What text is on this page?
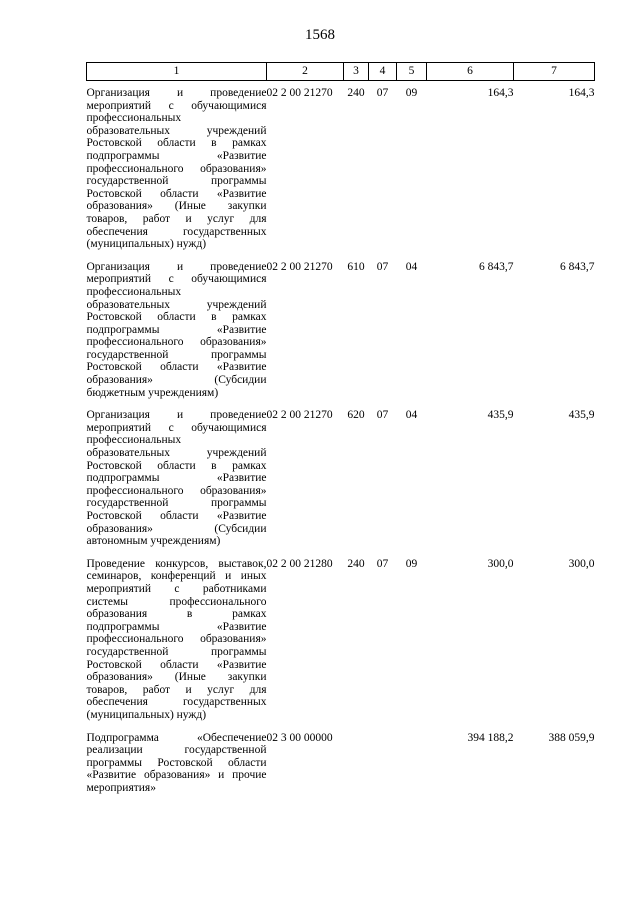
1568
1	2	3	4	5	6	7
Организация и проведение мероприятий с обучающимися профессиональных образовательных учреждений Ростовской области в рамках подпрограммы «Развитие профессионального образования» государственной программы Ростовской области «Развитие образования» (Иные закупки товаров, работ и услуг для обеспечения государственных (муниципальных) нужд)	02 2 00 21270	240	07	09	164,3	164,3
Организация и проведение мероприятий с обучающимися профессиональных образовательных учреждений Ростовской области в рамках подпрограммы «Развитие профессионального образования» государственной программы Ростовской области «Развитие образования» (Субсидии бюджетным учреждениям)	02 2 00 21270	610	07	04	6 843,7	6 843,7
Организация и проведение мероприятий с обучающимися профессиональных образовательных учреждений Ростовской области в рамках подпрограммы «Развитие профессионального образования» государственной программы Ростовской области «Развитие образования» (Субсидии автономным учреждениям)	02 2 00 21270	620	07	04	435,9	435,9
Проведение конкурсов, выставок, семинаров, конференций и иных мероприятий с работниками системы профессионального образования в рамках подпрограммы «Развитие профессионального образования» государственной программы Ростовской области «Развитие образования» (Иные закупки товаров, работ и услуг для обеспечения государственных (муниципальных) нужд)	02 2 00 21280	240	07	09	300,0	300,0
Подпрограмма «Обеспечение реализации государственной программы Ростовской области «Развитие образования» и прочие мероприятия»	02 3 00 00000				394 188,2	388 059,9
